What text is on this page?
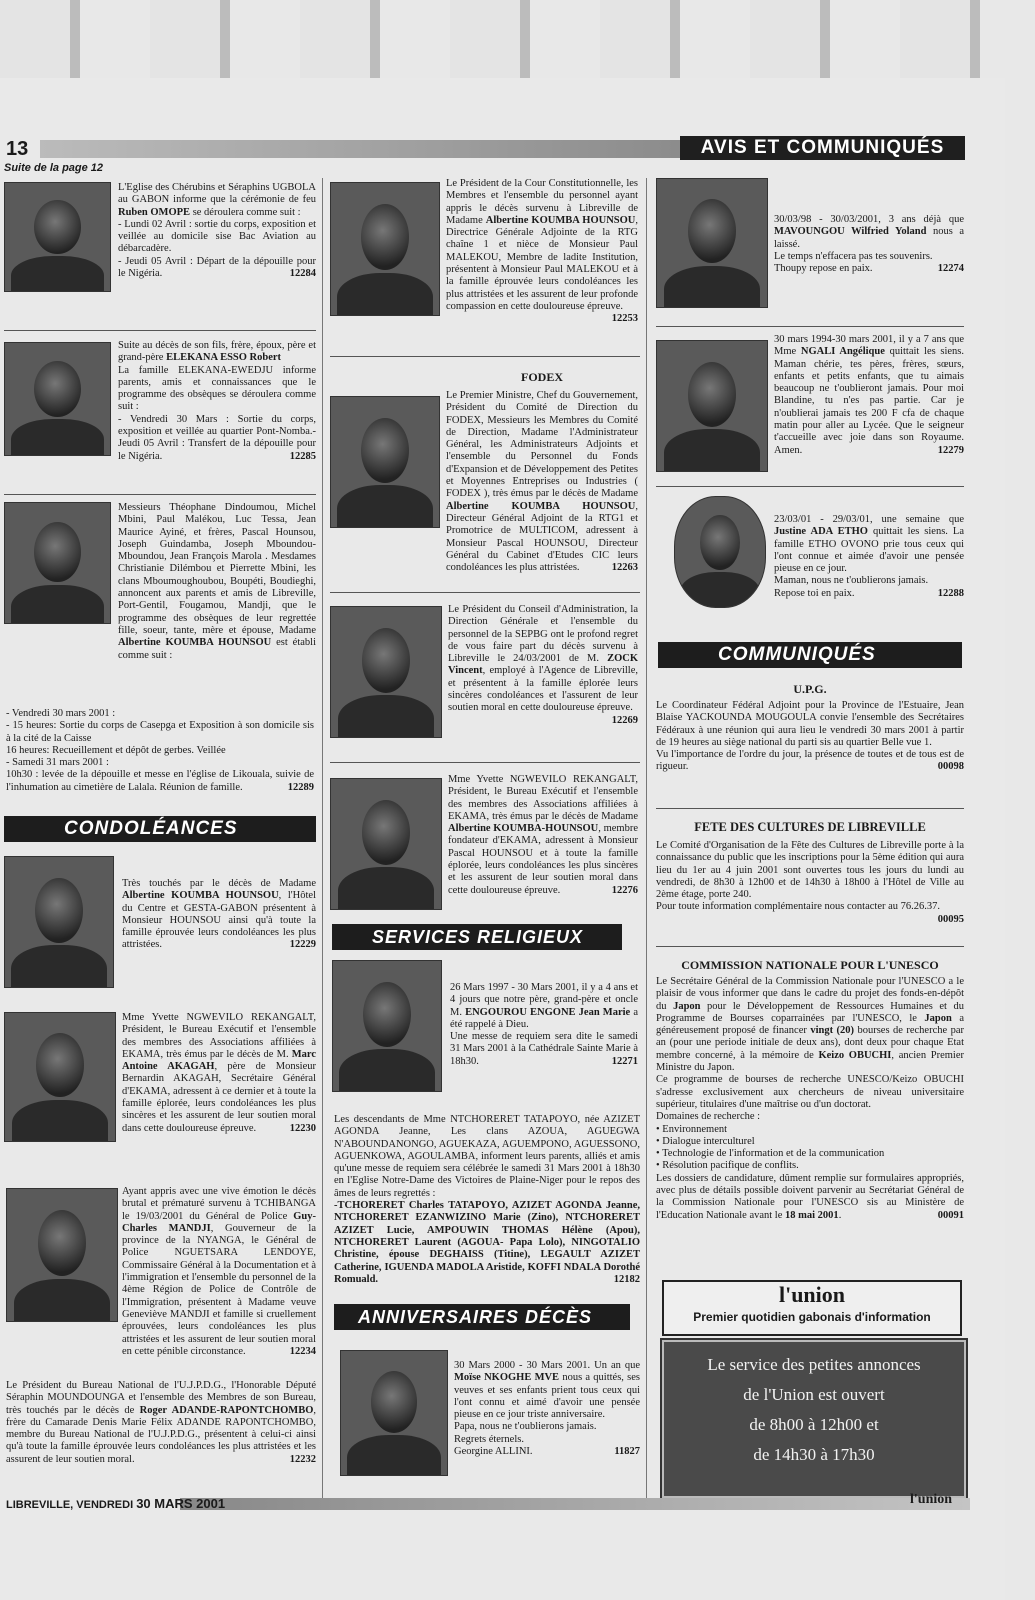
13	AVIS ET COMMUNIQUÉS
Suite de la page 12
L'Eglise des Chérubins et Séraphins UGBOLA au GABON informe que la cérémonie de feu Ruben OMOPE se déroulera comme suit :
- Lundi 02 Avril : sortie du corps, exposition et veillée au domicile sise Bac Aviation au débarcadère.
- Jeudi 05 Avril : Départ de la dépouille pour le Nigéria.	12284
Suite au décès de son fils, frère, époux, père et grand-père ELEKANA ESSO Robert
La famille ELEKANA-EWEDJU informe parents, amis et connaissances que le programme des obsèques se déroulera comme suit :
- Vendredi 30 Mars : Sortie du corps, exposition et veillée au quartier Pont-Nomba.- Jeudi 05 Avril : Transfert de la dépouille pour le Nigéria.	12285
Messieurs Théophane Dindoumou, Michel Mbini, Paul Malékou, Luc Tessa, Jean Maurice Ayiné, et frères, Pascal Hounsou, Joseph Guindamba, Joseph Mboundou-Mboundou, Jean François Marola . Mesdames Christianie Dilémbou et Pierrette Mbini, les clans Mboumoughoubou, Boupéti, Boudieghi, annoncent aux parents et amis de Libreville, Port-Gentil, Fougamou, Mandji, que le programme des obsèques de leur regrettée fille, soeur, tante, mère et épouse, Madame Albertine KOUMBA HOUNSOU est établi comme suit :
- Vendredi 30 mars 2001 :
- 15 heures: Sortie du corps de Casepga et Exposition à son domicile sis à la cité de la Caisse
16 heures: Recueillement et dépôt de gerbes. Veillée
- Samedi 31 mars 2001 :
10h30 : levée de la dépouille et messe en l'église de Likouala, suivie de l'inhumation au cimetière de Lalala. Réunion de famille.	12289
CONDOLÉANCES
Très touchés par le décès de Madame Albertine KOUMBA HOUNSOU, l'Hôtel du Centre et GESTA-GABON présentent à Monsieur HOUNSOU ainsi qu'à toute la famille éprouvée leurs condoléances les plus attristées.	12229
Mme Yvette NGWEVILO REKANGALT, Président, le Bureau Exécutif et l'ensemble des membres des Associations affiliées à EKAMA, très émus par le décès de M. Marc Antoine AKAGAH, père de Monsieur Bernardin AKAGAH, Secrétaire Général d'EKAMA, adressent à ce dernier et à toute la famille éplorée, leurs condoléances les plus sincères et les assurent de leur soutien moral dans cette douloureuse épreuve.	12230
Ayant appris avec une vive émotion le décès brutal et prématuré survenu à TCHIBANGA le 19/03/2001 du Général de Police Guy-Charles MANDJI, Gouverneur de la province de la NYANGA, le Général de Police NGUETSARA LENDOYE, Commissaire Général à la Documentation et à l'immigration et l'ensemble du personnel de la 4ème Région de Police de Contrôle de l'Immigration, présentent à Madame veuve Geneviève MANDJI et famille si cruellement éprouvées, leurs condoléances les plus attristées et les assurent de leur soutien moral en cette pénible circonstance.	12234
Le Président du Bureau National de l'U.J.P.D.G., l'Honorable Député Séraphin MOUNDOUNGA et l'ensemble des Membres de son Bureau, très touchés par le décès de Roger ADANDE-RAPONTCHOMBO, frère du Camarade Denis Marie Félix ADANDE RAPONTCHOMBO, membre du Bureau National de l'U.J.P.D.G., présentent à celui-ci ainsi qu'à toute la famille éprouvée leurs condoléances les plus attristées et les assurent de leur soutien moral.	12232
Le Président de la Cour Constitutionnelle, les Membres et l'ensemble du personnel ayant appris le décès survenu à Libreville de Madame Albertine KOUMBA HOUNSOU, Directrice Générale Adjointe de la RTG chaîne 1 et nièce de Monsieur Paul MALEKOU, Membre de ladite Institution, présentent à Monsieur Paul MALEKOU et à la famille éprouvée leurs condoléances les plus attristées et les assurent de leur profonde compassion en cette douloureuse épreuve.
12253
FODEX
Le Premier Ministre, Chef du Gouvernement, Président du Comité de Direction du FODEX, Messieurs les Membres du Comité de Direction, Madame l'Administrateur Général, les Administrateurs Adjoints et l'ensemble du Personnel du Fonds d'Expansion et de Développement des Petites et Moyennes Entreprises ou Industries ( FODEX ), très émus par le décès de Madame Albertine KOUMBA HOUNSOU, Directeur Général Adjoint de la RTG1 et Promotrice de MULTICOM, adressent à Monsieur Pascal HOUNSOU, Directeur Général du Cabinet d'Etudes CIC leurs condoléances les plus attristées.	12263
Le Président du Conseil d'Administration, la Direction Générale et l'ensemble du personnel de la SEPBG ont le profond regret de vous faire part du décès survenu à Libreville le 24/03/2001 de M. ZOCK Vincent, employé à l'Agence de Libreville, et présentent à la famille éplorée leurs sincères condoléances et l'assurent de leur soutien moral en cette douloureuse épreuve.
12269
Mme Yvette NGWEVILO REKANGALT, Président, le Bureau Exécutif et l'ensemble des membres des Associations affiliées à EKAMA, très émus par le décès de Madame Albertine KOUMBA-HOUNSOU, membre fondateur d'EKAMA, adressent à Monsieur Pascal HOUNSOU et à toute la famille éplorée, leurs condoléances les plus sincères et les assurent de leur soutien moral dans cette douloureuse épreuve.	12276
SERVICES RELIGIEUX
26 Mars 1997 - 30 Mars 2001, il y a 4 ans et 4 jours que notre père, grand-père et oncle M. ENGOUROU ENGONE Jean Marie a été rappelé à Dieu.
Une messe de requiem sera dite le samedi 31 Mars 2001 à la Cathédrale Sainte Marie à 18h30.	12271
Les descendants de Mme NTCHORERET TATAPOYO, née AZIZET AGONDA Jeanne, Les clans AZOUA, AGUEGWA N'ABOUNDANONGO, AGUEKAZA, AGUEMPONO, AGUESSONO, AGUENKOWA, AGOULAMBA, informent leurs parents, alliés et amis qu'une messe de requiem sera célébrée le samedi 31 Mars 2001 à 18h30 en l'Eglise Notre-Dame des Victoires de Plaine-Niger pour le repos des âmes de leurs regrettés :
-TCHORERET Charles TATAPOYO, AZIZET AGONDA Jeanne, NTCHORERET EZANWIZINO Marie (Zino), NTCHORERET AZIZET Lucie, AMPOUWIN THOMAS Hélène (Apou), NTCHORERET Laurent (AGOUA- Papa Lolo), NINGOTALIO Christine, épouse DEGHAISS (Titine), LEGAULT AZIZET Catherine, IGUENDA MADOLA Aristide, KOFFI NDALA Dorothé Romuald.	12182
ANNIVERSAIRES DÉCÈS
30 Mars 2000 - 30 Mars 2001. Un an que Moïse NKOGHE MVE nous a quittés, ses veuves et ses enfants prient tous ceux qui l'ont connu et aimé d'avoir une pensée pieuse en ce jour triste anniversaire.
Papa, nous ne t'oublierons jamais.
Regrets éternels.
Georgine ALLINI.	11827
30/03/98 - 30/03/2001, 3 ans déjà que MAVOUNGOU Wilfried Yoland nous a laissé.
Le temps n'effacera pas tes souvenirs.
Thoupy repose en paix.	12274
30 mars 1994-30 mars 2001, il y a 7 ans que Mme NGALI Angélique quittait les siens. Maman chérie, tes pères, frères, sœurs, enfants et petits enfants, que tu aimais beaucoup ne t'oublieront jamais. Pour moi Blandine, tu n'es pas partie. Car je n'oublierai jamais tes 200 F cfa de chaque matin pour aller au Lycée. Que le seigneur t'accueille avec joie dans son Royaume. Amen.	12279
23/03/01 - 29/03/01, une semaine que Justine ADA ETHO quittait les siens. La famille ETHO OVONO prie tous ceux qui l'ont connue et aimée d'avoir une pensée pieuse en ce jour.
Maman, nous ne t'oublierons jamais.
Repose toi en paix.	12288
COMMUNIQUÉS
U.P.G.
Le Coordinateur Fédéral Adjoint pour la Province de l'Estuaire, Jean Blaise YACKOUNDA MOUGOULA convie l'ensemble des Secrétaires Fédéraux à une réunion qui aura lieu le vendredi 30 mars 2001 à partir de 19 heures au siège national du parti sis au quartier Belle vue 1.
Vu l'importance de l'ordre du jour, la présence de toutes et de tous est de rigueur.	00098
FETE DES CULTURES DE LIBREVILLE
Le Comité d'Organisation de la Fête des Cultures de Libreville porte à la connaissance du public que les inscriptions pour la 5ème édition qui aura lieu du 1er au 4 juin 2001 sont ouvertes tous les jours du lundi au vendredi, de 8h30 à 12h00 et de 14h30 à 18h00 à l'Hôtel de Ville au 2ème étage, porte 240.
Pour toute information complémentaire nous contacter au 76.26.37.
00095
COMMISSION NATIONALE POUR L'UNESCO
Le Secrétaire Général de la Commission Nationale pour l'UNESCO a le plaisir de vous informer que dans le cadre du projet des fonds-en-dépôt du Japon pour le Développement de Ressources Humaines et du Programme de Bourses coparrainées par l'UNESCO, le Japon a généreusement proposé de financer vingt (20) bourses de recherche par an (pour une periode initiale de deux ans), dont deux pour chaque Etat membre concerné, à la mémoire de Keizo OBUCHI, ancien Premier Ministre du Japon.
Ce programme de bourses de recherche UNESCO/Keizo OBUCHI s'adresse exclusivement aux chercheurs de niveau universitaire supérieur, titulaires d'une maîtrise ou d'un doctorat.
Domaines de recherche :
• Environnement
• Dialogue interculturel
• Technologie de l'information et de la communication
• Résolution pacifique de conflits.
Les dossiers de candidature, dûment remplie sur formulaires appropriés, avec plus de détails possible doivent parvenir au Secrétariat Général de la Commission Nationale pour l'UNESCO sis au Ministère de l'Education Nationale avant le 18 mai 2001.	00091
l'union
Premier quotidien gabonais d'information
Le service des petites annonces
de l'Union est ouvert
de 8h00 à 12h00 et
de 14h30 à 17h30
LIBREVILLE, VENDREDI 30 MARS 2001	l'union
